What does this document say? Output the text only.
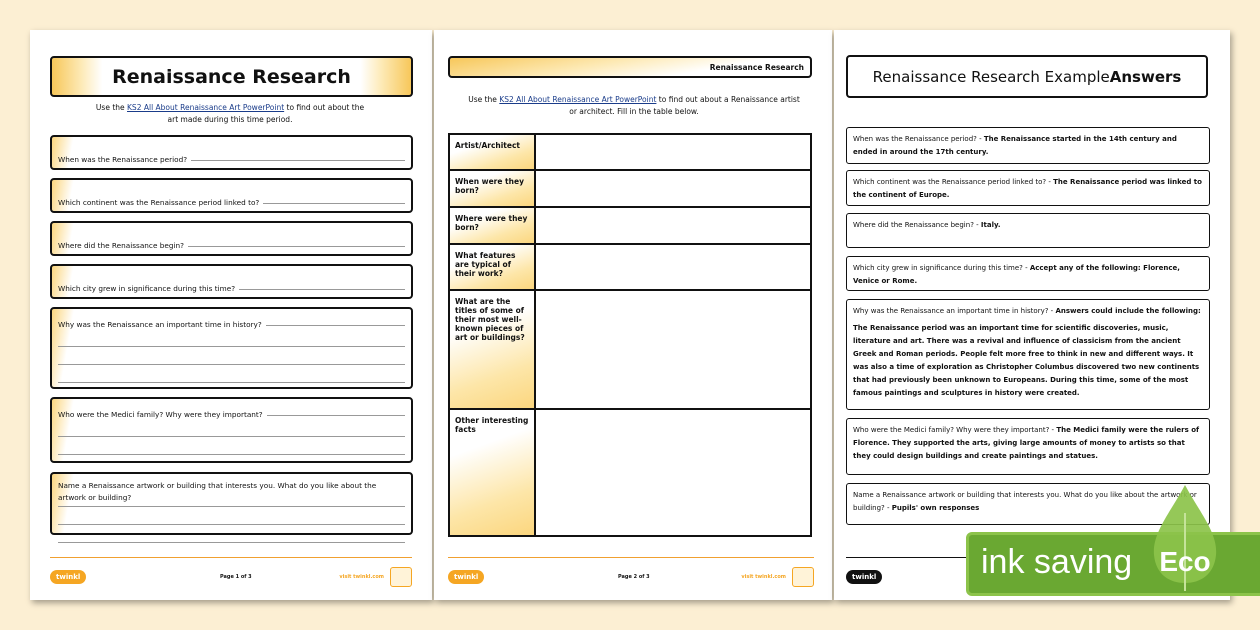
Renaissance Research
Use the KS2 All About Renaissance Art PowerPoint to find out about the art made during this time period.
When was the Renaissance period?
Which continent was the Renaissance period linked to?
Where did the Renaissance begin?
Which city grew in significance during this time?
Why was the Renaissance an important time in history?
Who were the Medici family? Why were they important?
Name a Renaissance artwork or building that interests you. What do you like about the artwork or building?
twinkl	Page 1 of 3	visit twinkl.com
Renaissance Research
Use the KS2 All About Renaissance Art PowerPoint to find out about a Renaissance artist or architect. Fill in the table below.
Artist/Architect	
When were they born?	
Where were they born?	
What features are typical of their work?	
What are the titles of some of their most well-known pieces of art or buildings?	
Other interesting facts	
twinkl	Page 2 of 3	visit twinkl.com
Renaissance Research Example Answers
When was the Renaissance period? - The Renaissance started in the 14th century and ended in around the 17th century.
Which continent was the Renaissance period linked to? - The Renaissance period was linked to the continent of Europe.
Where did the Renaissance begin? - Italy.
Which city grew in significance during this time? - Accept any of the following: Florence, Venice or Rome.
Why was the Renaissance an important time in history? - Answers could include the following:
The Renaissance period was an important time for scientific discoveries, music, literature and art. There was a revival and influence of classicism from the ancient Greek and Roman periods. People felt more free to think in new and different ways. It was also a time of exploration as Christopher Columbus discovered two new continents that had previously been unknown to Europeans. During this time, some of the most famous paintings and sculptures in history were created.
Who were the Medici family? Why were they important? - The Medici family were the rulers of Florence. They supported the arts, giving large amounts of money to artists so that they could design buildings and create paintings and statues.
Name a Renaissance artwork or building that interests you. What do you like about the artwork or building? - Pupils' own responses
twinkl	ink saving Eco
